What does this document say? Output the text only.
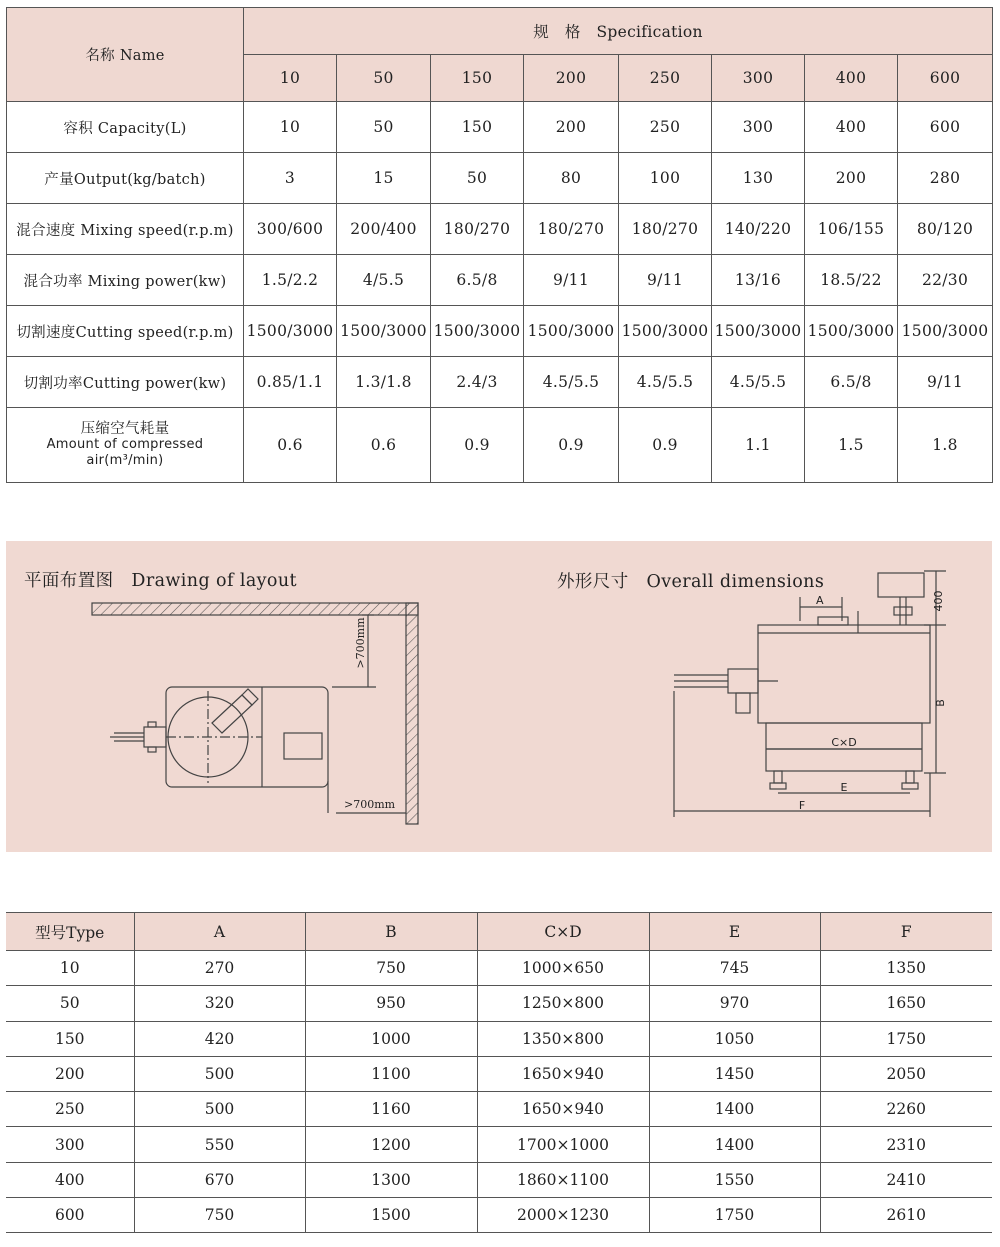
名称 Name	规　格　Specification							
	10	50	150	200	250	300	400	600
容积 Capacity(L)	10	50	150	200	250	300	400	600
产量Output(kg/batch)	3	15	50	80	100	130	200	280
混合速度 Mixing speed(r.p.m)	300/600	200/400	180/270	180/270	180/270	140/220	106/155	80/120
混合功率 Mixing power(kw)	1.5/2.2	4/5.5	6.5/8	9/11	9/11	13/16	18.5/22	22/30
切割速度Cutting speed(r.p.m)	1500/3000	1500/3000	1500/3000	1500/3000	1500/3000	1500/3000	1500/3000	1500/3000
切割功率Cutting power(kw)	0.85/1.1	1.3/1.8	2.4/3	4.5/5.5	4.5/5.5	4.5/5.5	6.5/8	9/11

压缩空气耗量
Amount of compressed
air(m³/min)	0.6	0.6	0.9	0.9	0.9	1.1	1.5	1.8
平面布置图　Drawing of layout	外形尺寸　Overall dimensions
>700mm
>700mm
A	400
B
C×D
E
F
型号Type	A	B	C×D	E	F
10	270	750	1000×650	745	1350
50	320	950	1250×800	970	1650
150	420	1000	1350×800	1050	1750
200	500	1100	1650×940	1450	2050
250	500	1160	1650×940	1400	2260
300	550	1200	1700×1000	1400	2310
400	670	1300	1860×1100	1550	2410
600	750	1500	2000×1230	1750	2610
